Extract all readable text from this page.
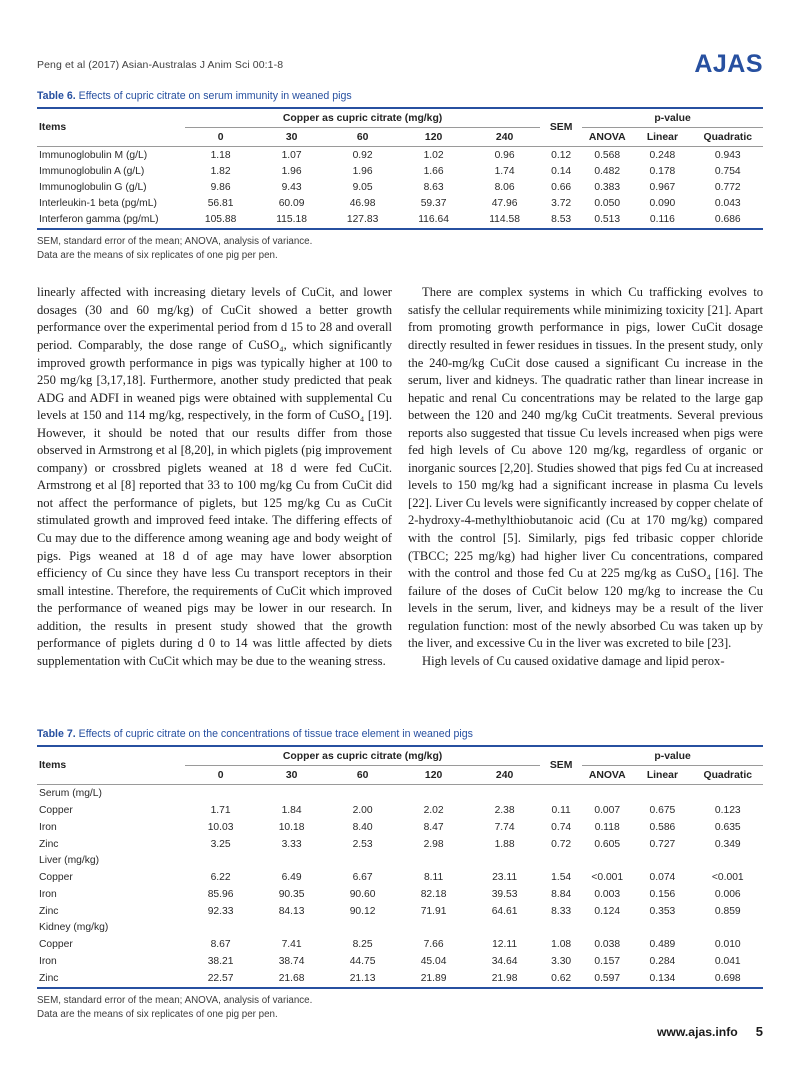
Peng et al (2017) Asian-Australas J Anim Sci 00:1-8	AJAS
Table 6. Effects of cupric citrate on serum immunity in weaned pigs
Items	Copper as cupric citrate (mg/kg)					SEM	p-value		
	0	30	60	120	240		ANOVA	Linear	Quadratic
Immunoglobulin M (g/L)	1.18	1.07	0.92	1.02	0.96	0.12	0.568	0.248	0.943
Immunoglobulin A (g/L)	1.82	1.96	1.96	1.66	1.74	0.14	0.482	0.178	0.754
Immunoglobulin G (g/L)	9.86	9.43	9.05	8.63	8.06	0.66	0.383	0.967	0.772
Interleukin-1 beta (pg/mL)	56.81	60.09	46.98	59.37	47.96	3.72	0.050	0.090	0.043
Interferon gamma (pg/mL)	105.88	115.18	127.83	116.64	114.58	8.53	0.513	0.116	0.686
SEM, standard error of the mean; ANOVA, analysis of variance.
Data are the means of six replicates of one pig per pen.

linearly affected with increasing dietary levels of CuCit, and lower dosages (30 and 60 mg/kg) of CuCit showed a better growth performance over the experimental period from d 15 to 28 and overall period. Comparably, the dose range of CuSO₄, which significantly improved growth performance in pigs was typically higher at 100 to 250 mg/kg [3,17,18]. Furthermore, another study predicted that peak ADG and ADFI in weaned pigs were obtained with supplemental Cu levels at 150 and 114 mg/kg, respectively, in the form of CuSO₄ [19]. However, it should be noted that our results differ from those observed in Armstrong et al [8,20], in which piglets (pig improvement company) or crossbred piglets weaned at 18 d were fed CuCit. Armstrong et al [8] reported that 33 to 100 mg/kg Cu from CuCit did not affect the performance of piglets, but 125 mg/kg Cu as CuCit stimulated growth and improved feed intake. The differing effects of Cu may due to the difference among weaning age and body weight of pigs. Pigs weaned at 18 d of age may have lower absorption efficiency of Cu since they have less Cu transport receptors in their small intestine. Therefore, the requirements of CuCit which improved the performance of weaned pigs may be lower in our research. In addition, the results in present study showed that the growth performance of piglets during d 0 to 14 was little affected by diets supplementation with CuCit which may be due to the weaning stress.

There are complex systems in which Cu trafficking evolves to satisfy the cellular requirements while minimizing toxicity [21]. Apart from promoting growth performance in pigs, lower CuCit dosage directly resulted in fewer residues in tissues. In the present study, only the 240-mg/kg CuCit dose caused a significant Cu increase in the serum, liver and kidneys. The quadratic rather than linear increase in hepatic and renal Cu concentrations may be related to the large gap between the 120 and 240 mg/kg CuCit treatments. Several previous reports also suggested that tissue Cu levels increased when pigs were fed high levels of Cu above 120 mg/kg, regardless of organic or inorganic sources [2,20]. Studies showed that pigs fed Cu at increased levels to 150 mg/kg had a significant increase in plasma Cu levels [22]. Liver Cu levels were significantly increased by copper chelate of 2-hydroxy-4-methylthiobutanoic acid (Cu at 170 mg/kg) compared with the control [5]. Similarly, pigs fed tribasic copper chloride (TBCC; 225 mg/kg) had higher liver Cu concentrations, compared with the control and those fed Cu at 225 mg/kg as CuSO₄ [16]. The failure of the doses of CuCit below 120 mg/kg to increase the Cu levels in the serum, liver, and kidneys may be a result of the liver regulation function: most of the newly absorbed Cu was taken up by the liver, and excessive Cu in the liver was excreted to bile [23].

High levels of Cu caused oxidative damage and lipid perox-

Table 7. Effects of cupric citrate on the concentrations of tissue trace element in weaned pigs
Items	Copper as cupric citrate (mg/kg)					SEM	p-value		
	0	30	60	120	240		ANOVA	Linear	Quadratic
Serum (mg/L)									
Copper	1.71	1.84	2.00	2.02	2.38	0.11	0.007	0.675	0.123
Iron	10.03	10.18	8.40	8.47	7.74	0.74	0.118	0.586	0.635
Zinc	3.25	3.33	2.53	2.98	1.88	0.72	0.605	0.727	0.349
Liver (mg/kg)									
Copper	6.22	6.49	6.67	8.11	23.11	1.54	<0.001	0.074	<0.001
Iron	85.96	90.35	90.60	82.18	39.53	8.84	0.003	0.156	0.006
Zinc	92.33	84.13	90.12	71.91	64.61	8.33	0.124	0.353	0.859
Kidney (mg/kg)									
Copper	8.67	7.41	8.25	7.66	12.11	1.08	0.038	0.489	0.010
Iron	38.21	38.74	44.75	45.04	34.64	3.30	0.157	0.284	0.041
Zinc	22.57	21.68	21.13	21.89	21.98	0.62	0.597	0.134	0.698
SEM, standard error of the mean; ANOVA, analysis of variance.
Data are the means of six replicates of one pig per pen.
www.ajas.info 5
